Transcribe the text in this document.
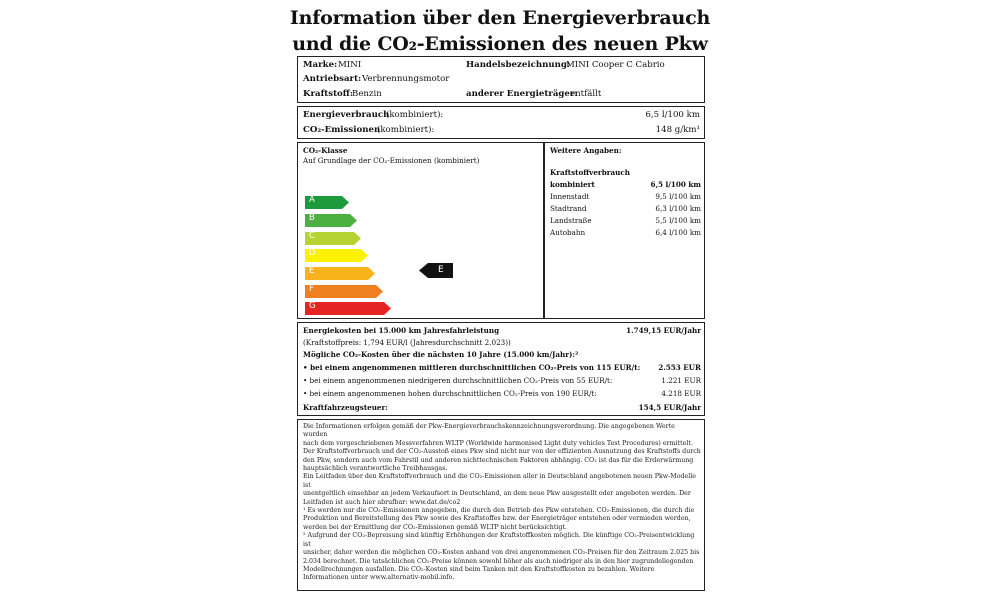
Information über den Energieverbrauch
und die CO₂-Emissionen des neuen Pkw
Marke: MINI	Handelsbezeichnung:
MINI Cooper C Cabrio
Antriebsart: Verbrennungsmotor
Kraftstoff: Benzin	anderer Energieträger:
entfällt
Energieverbrauch
(kombiniert):	6,5 l/100 km
CO₂-Emissionen
(kombiniert):	148 g/km¹
CO₂-Klasse
Auf Grundlage der CO₂-Emissionen (kombiniert)
A
B
C
D
E
F
G
E
Weitere Angaben:
Kraftstoffverbrauch
kombiniert	6,5 l/100 km
Innenstadt	9,5 l/100 km
Stadtrand	6,3 l/100 km
Landstraße	5,5 l/100 km
Autobahn	6,4 l/100 km
Energiekosten bei 15.000 km Jahresfahrleistung	1.749,15 EUR/Jahr
(Kraftstoffpreis: 1,794 EUR/l (Jahresdurchschnitt 2.023))
Mögliche CO₂-Kosten über die nächsten 10 Jahre (15.000 km/Jahr):²
• bei einem angenommenen mittleren durchschnittlichen CO₂-Preis von 115 EUR/t:	2.553 EUR
• bei einem angenommenen niedrigeren durchschnittlichen CO₂-Preis von 55 EUR/t:	1.221 EUR
• bei einem angenommenen hohen durchschnittlichen CO₂-Preis von 190 EUR/t:	4.218 EUR
Kraftfahrzeugsteuer:	154,5 EUR/Jahr
Die Informationen erfolgen gemäß der Pkw-Energieverbrauchskennzeichnungsverordnung. Die angegebenen Werte wurden
nach dem vorgeschriebenen Messverfahren WLTP (Worldwide harmonised Light duty vehicles Test Procedures) ermittelt.
Der Kraftstoffverbrauch und der CO₂-Ausstoß eines Pkw sind nicht nur von der effizienten Ausnutzung des Kraftstoffs durch
den Pkw, sondern auch vom Fahrstil und anderen nichttechnischen Faktoren abhängig. CO₂ ist das für die Erderwärmung
hauptsächlich verantwortliche Treibhausgas.
Ein Leitfaden über den Kraftstoffverbrauch und die CO₂-Emissionen aller in Deutschland angebotenen neuen Pkw-Modelle ist
unentgeltlich einsehbar an jedem Verkaufsort in Deutschland, an dem neue Pkw ausgestellt oder angeboten werden. Der
Leitfaden ist auch hier abrufbar: www.dat.de/co2
¹ Es werden nur die CO₂-Emissionen angegeben, die durch den Betrieb des Pkw entstehen. CO₂-Emissionen, die durch die
Produktion und Bereitstellung des Pkw sowie des Kraftstoffes bzw. der Energieträger entstehen oder vermieden werden,
werden bei der Ermittlung der CO₂-Emissionen gemäß WLTP nicht berücksichtigt.
² Aufgrund der CO₂-Bepreisung sind künftig Erhöhungen der Kraftstoffkosten möglich. Die künftige CO₂-Preisentwicklung ist
unsicher, daher werden die möglichen CO₂-Kosten anhand von drei angenommenen CO₂-Preisen für den Zeitraum 2.025 bis
2.034 berechnet. Die tatsächlichen CO₂-Preise können sowohl höher als auch niedriger als in den hier zugrundeliegenden
Modellrechnungen ausfallen. Die CO₂-Kosten sind beim Tanken mit den Kraftstoffkosten zu bezahlen. Weitere
Informationen unter www.alternativ-mobil.info.
